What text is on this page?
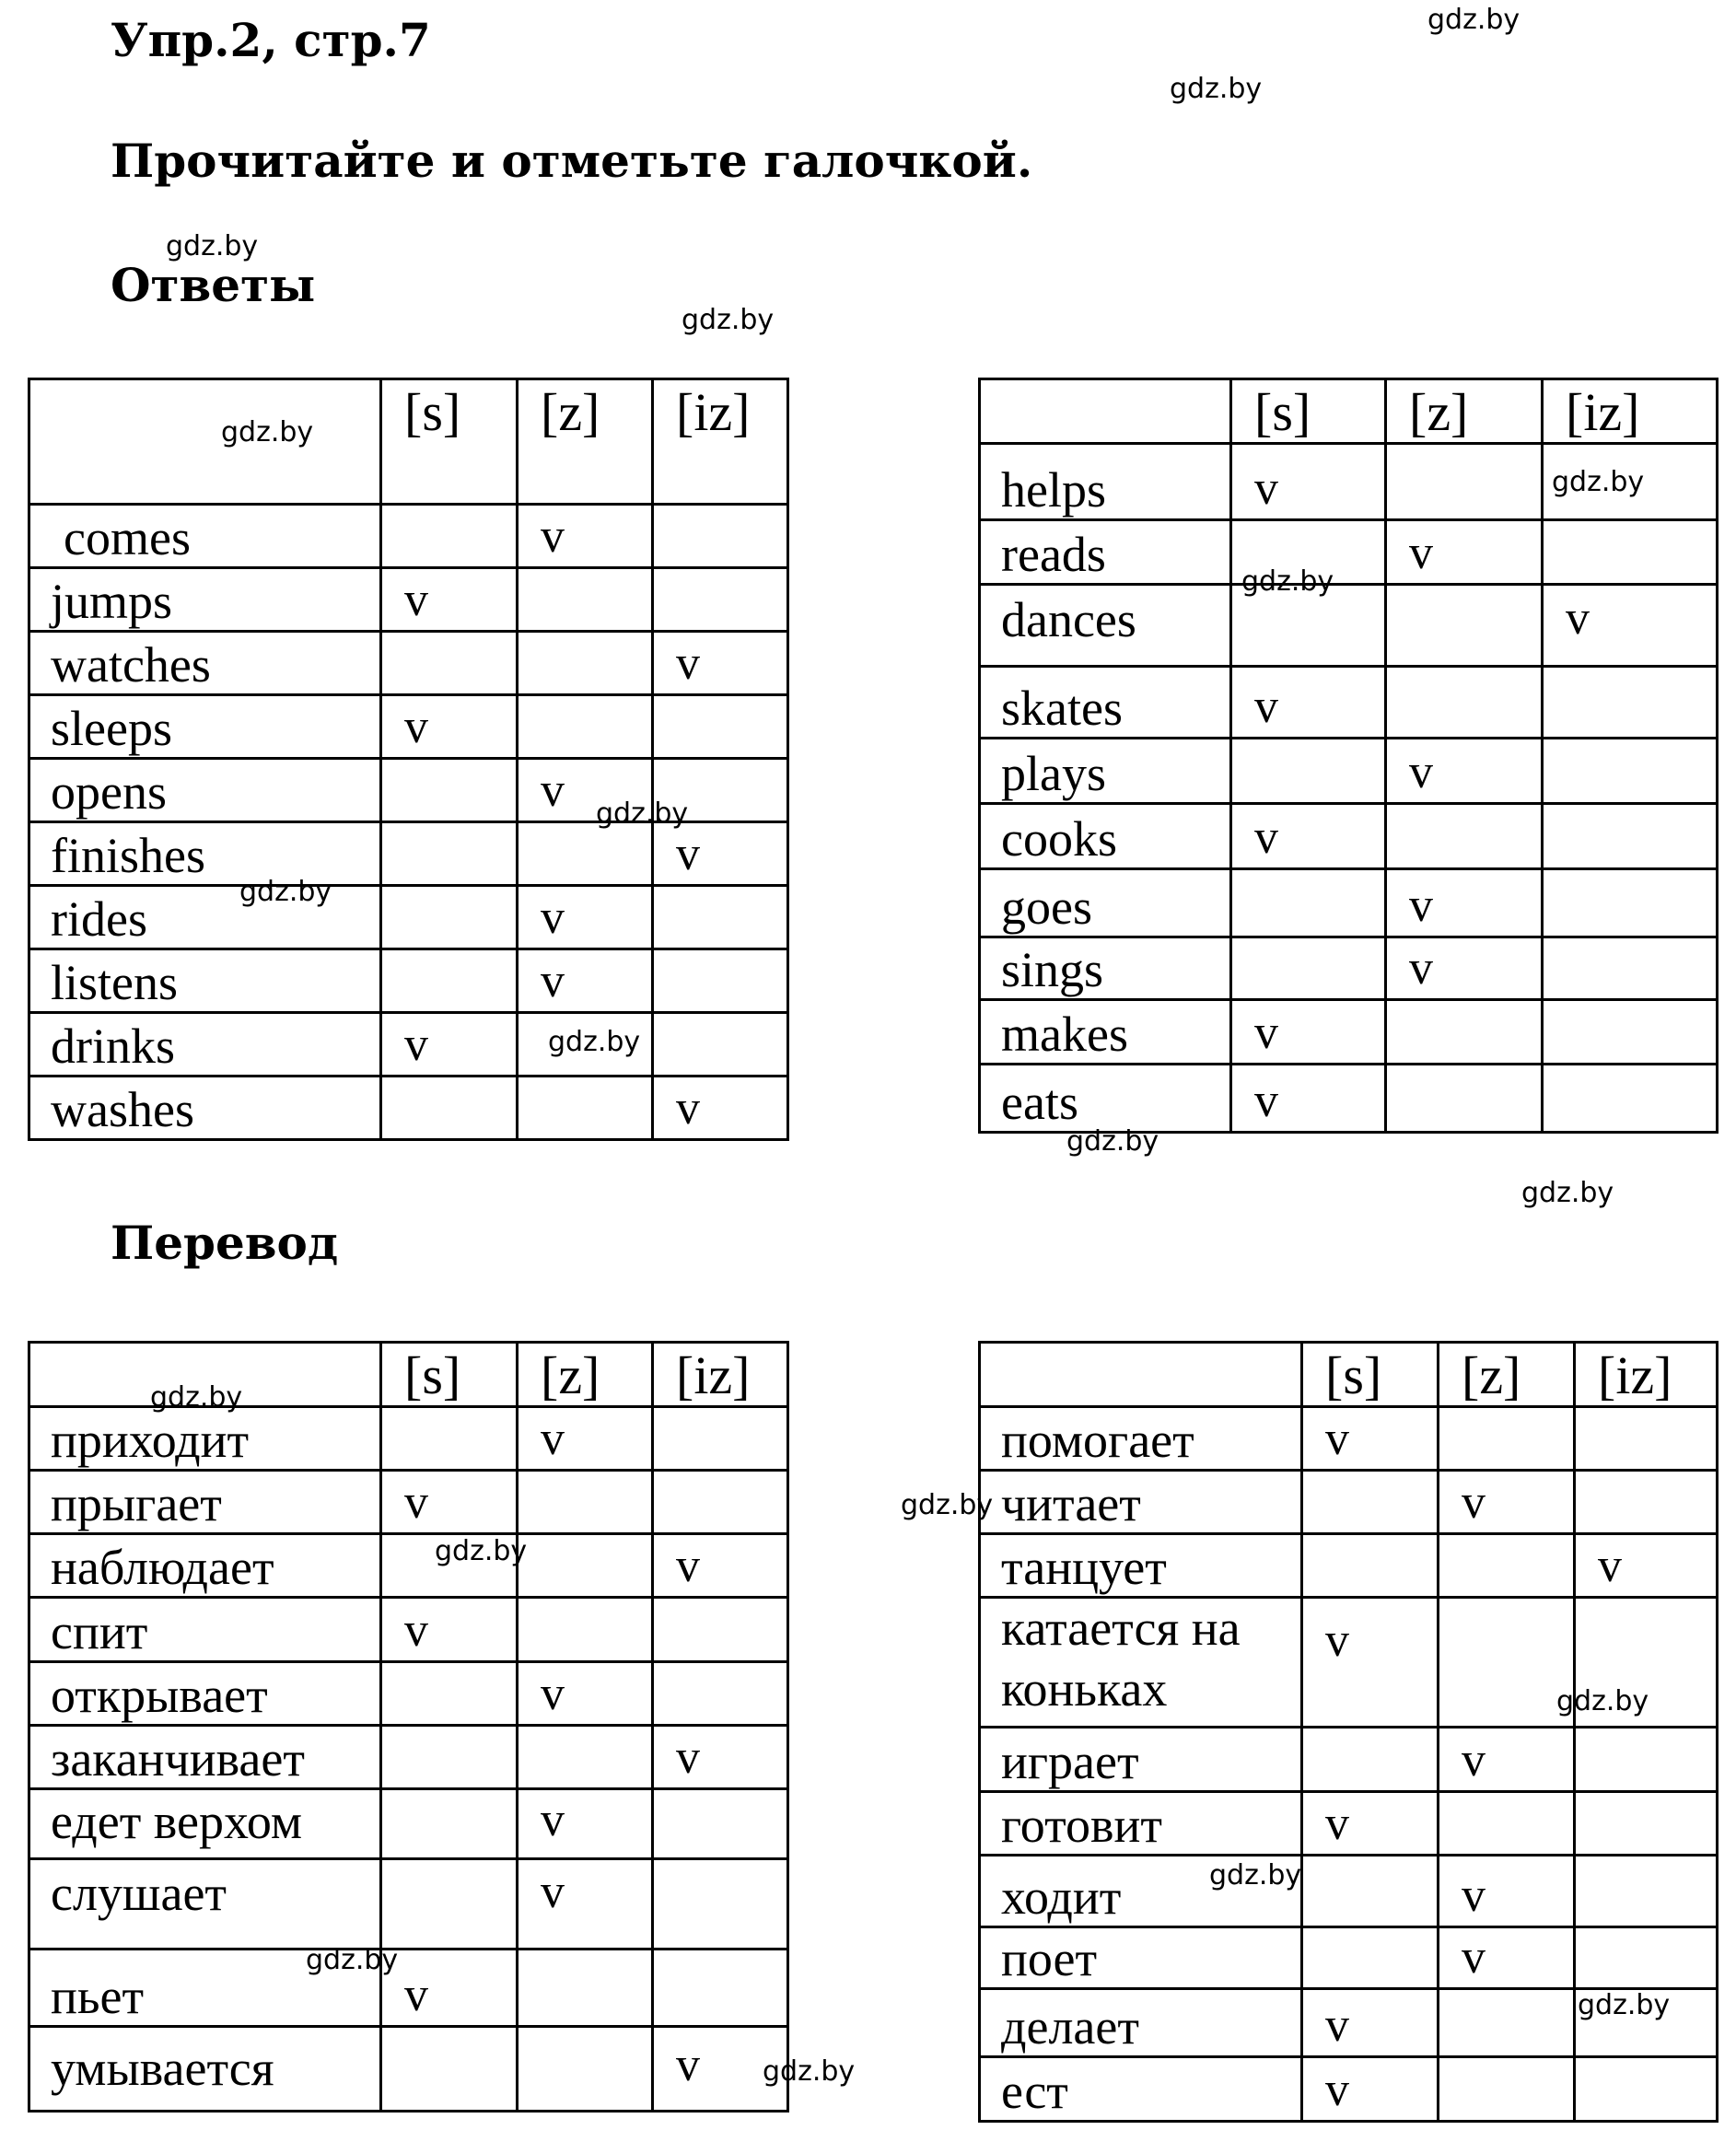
Упр.2, стр.7
Прочитайте и отметьте галочкой.
Ответы
Перевод
	[s]	[z]	[iz]
comes		v	
jumps	v		
watches			v
sleeps	v		
opens		v	
finishes			v
rides		v	
listens		v	
drinks	v		
washes			v
	[s]	[z]	[iz]
helps	v		
reads		v	
dances			v
skates	v		
plays		v	
cooks	v		
goes		v	
sings		v	
makes	v		
eats	v		
	[s]	[z]	[iz]
приходит		v	
прыгает	v		
наблюдает			v
спит	v		
открывает		v	
заканчивает			v
едет верхом		v	
слушает		v	
пьет	v		
умывается			v
	[s]	[z]	[iz]
помогает	v		
читает		v	
танцует			v
катается на коньках	v		
играет		v	
готовит	v		
ходит		v	
поет		v	
делает	v		
ест	v		
gdz.by
gdz.by
gdz.by
gdz.by
gdz.by
gdz.by
gdz.by
gdz.by
gdz.by
gdz.by
gdz.by
gdz.by
gdz.by
gdz.by
gdz.by
gdz.by
gdz.by
gdz.by
gdz.by
gdz.by
